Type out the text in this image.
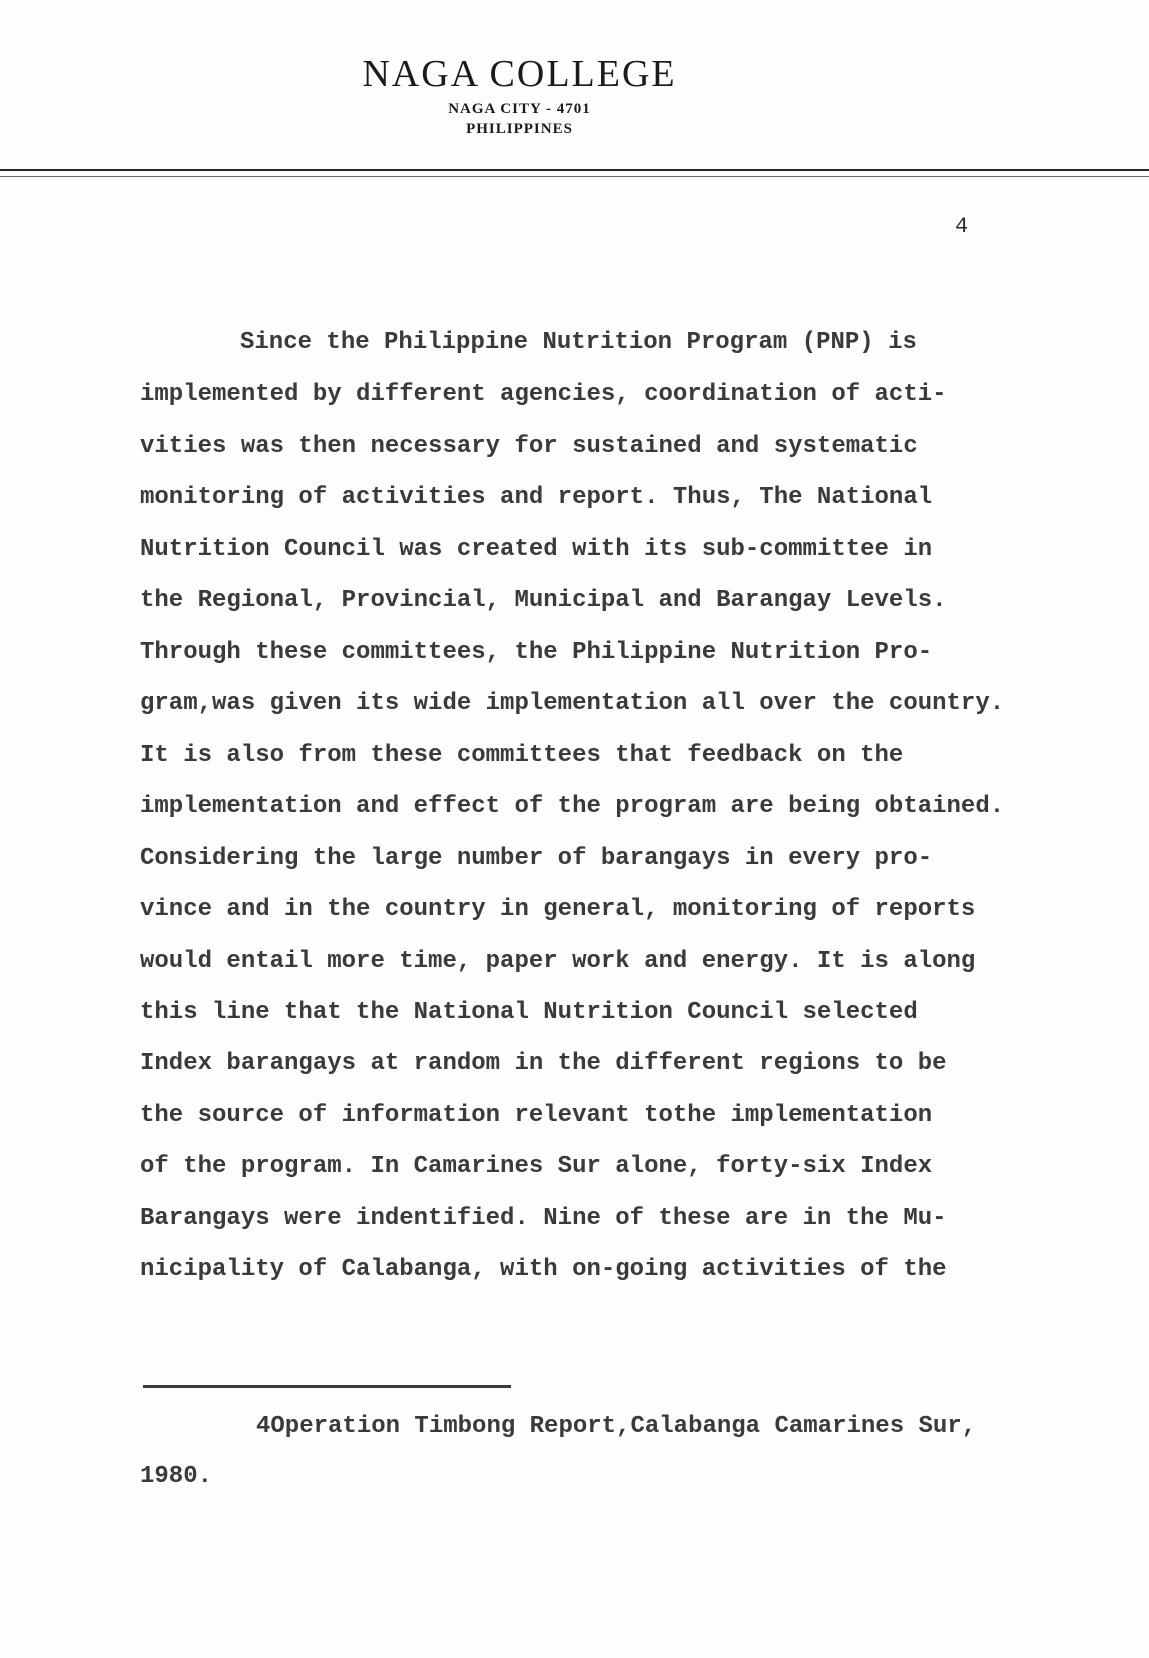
NAGA COLLEGE
NAGA CITY - 4701
PHILIPPINES
4
Since the Philippine Nutrition Program (PNP) is
implemented by different agencies, coordination of acti-
vities was then necessary for sustained and systematic
monitoring of activities and report. Thus, The National
Nutrition Council was created with its sub-committee in
the Regional, Provincial, Municipal and Barangay Levels.
Through these committees, the Philippine Nutrition Pro-
gram,was given its wide implementation all over the country.
It is also from these committees that feedback on the
implementation and effect of the program are being obtained.
Considering the large number of barangays in every pro-
vince and in the country in general, monitoring of reports
would entail more time, paper work and energy. It is along
this line that the National Nutrition Council selected
Index barangays at random in the different regions to be
the source of information relevant tothe implementation
of the program. In Camarines Sur alone, forty-six Index
Barangays were indentified. Nine of these are in the Mu-
nicipality of Calabanga, with on-going activities of the
4Operation Timbong Report,Calabanga Camarines Sur,
1980.
